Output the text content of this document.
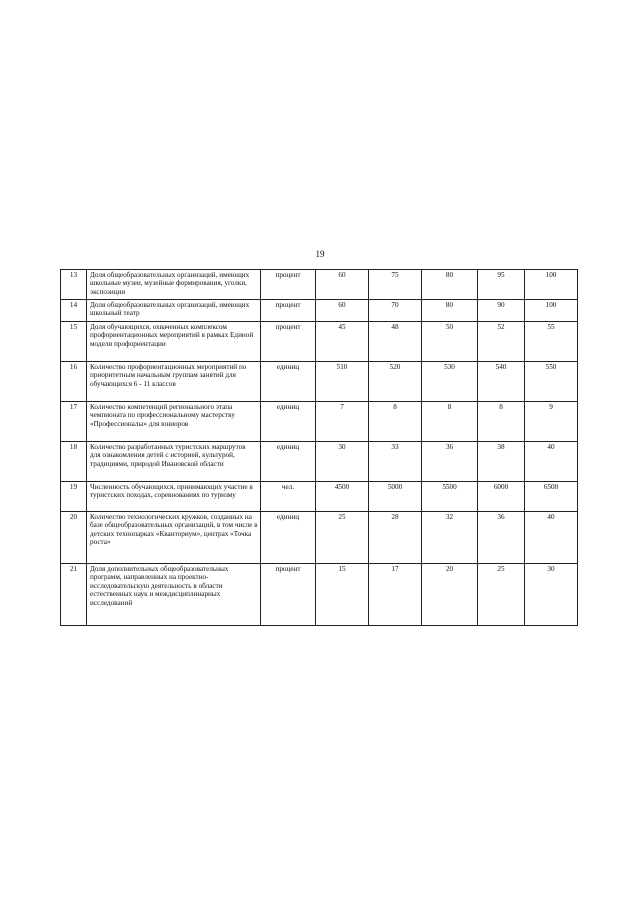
19
13	Доля общеобразовательных организаций, имеющих школьные музеи, музейные формирования, уголки, экспозиции	процент	60	75	80	95	100
14	Доля общеобразовательных организаций, имеющих школьный театр	процент	60	70	80	90	100
15	Доля обучающихся, охваченных комплексом профориентационных мероприятий в рамках Единой модели профориентации	процент	45	48	50	52	55
16	Количество профориентационных мероприятий по приоритетным начальным группам занятий для обучающихся 6 - 11 классов	единиц	510	520	530	540	550
17	Количество компетенций регионального этапа чемпионата по профессиональному мастерству «Профессионалы» для юниоров	единиц	7	8	8	8	9
18	Количество разработанных туристских маршрутов для ознакомления детей с историей, культурой, традициями, природой Ивановской области	единиц	30	33	36	38	40
19	Численность обучающихся, принимающих участие в туристских походах, соревнованиях по туризму	чел.	4500	5000	5500	6000	6500
20	Количество технологических кружков, созданных на базе общеобразовательных организаций, в том числе в детских технопарках «Кванториум», центрах «Точка роста»	единиц	25	28	32	36	40
21	Доля дополнительных общеобразовательных программ, направленных на проектно-исследовательскую деятельность в области естественных наук и междисциплинарных исследований	процент	15	17	20	25	30
